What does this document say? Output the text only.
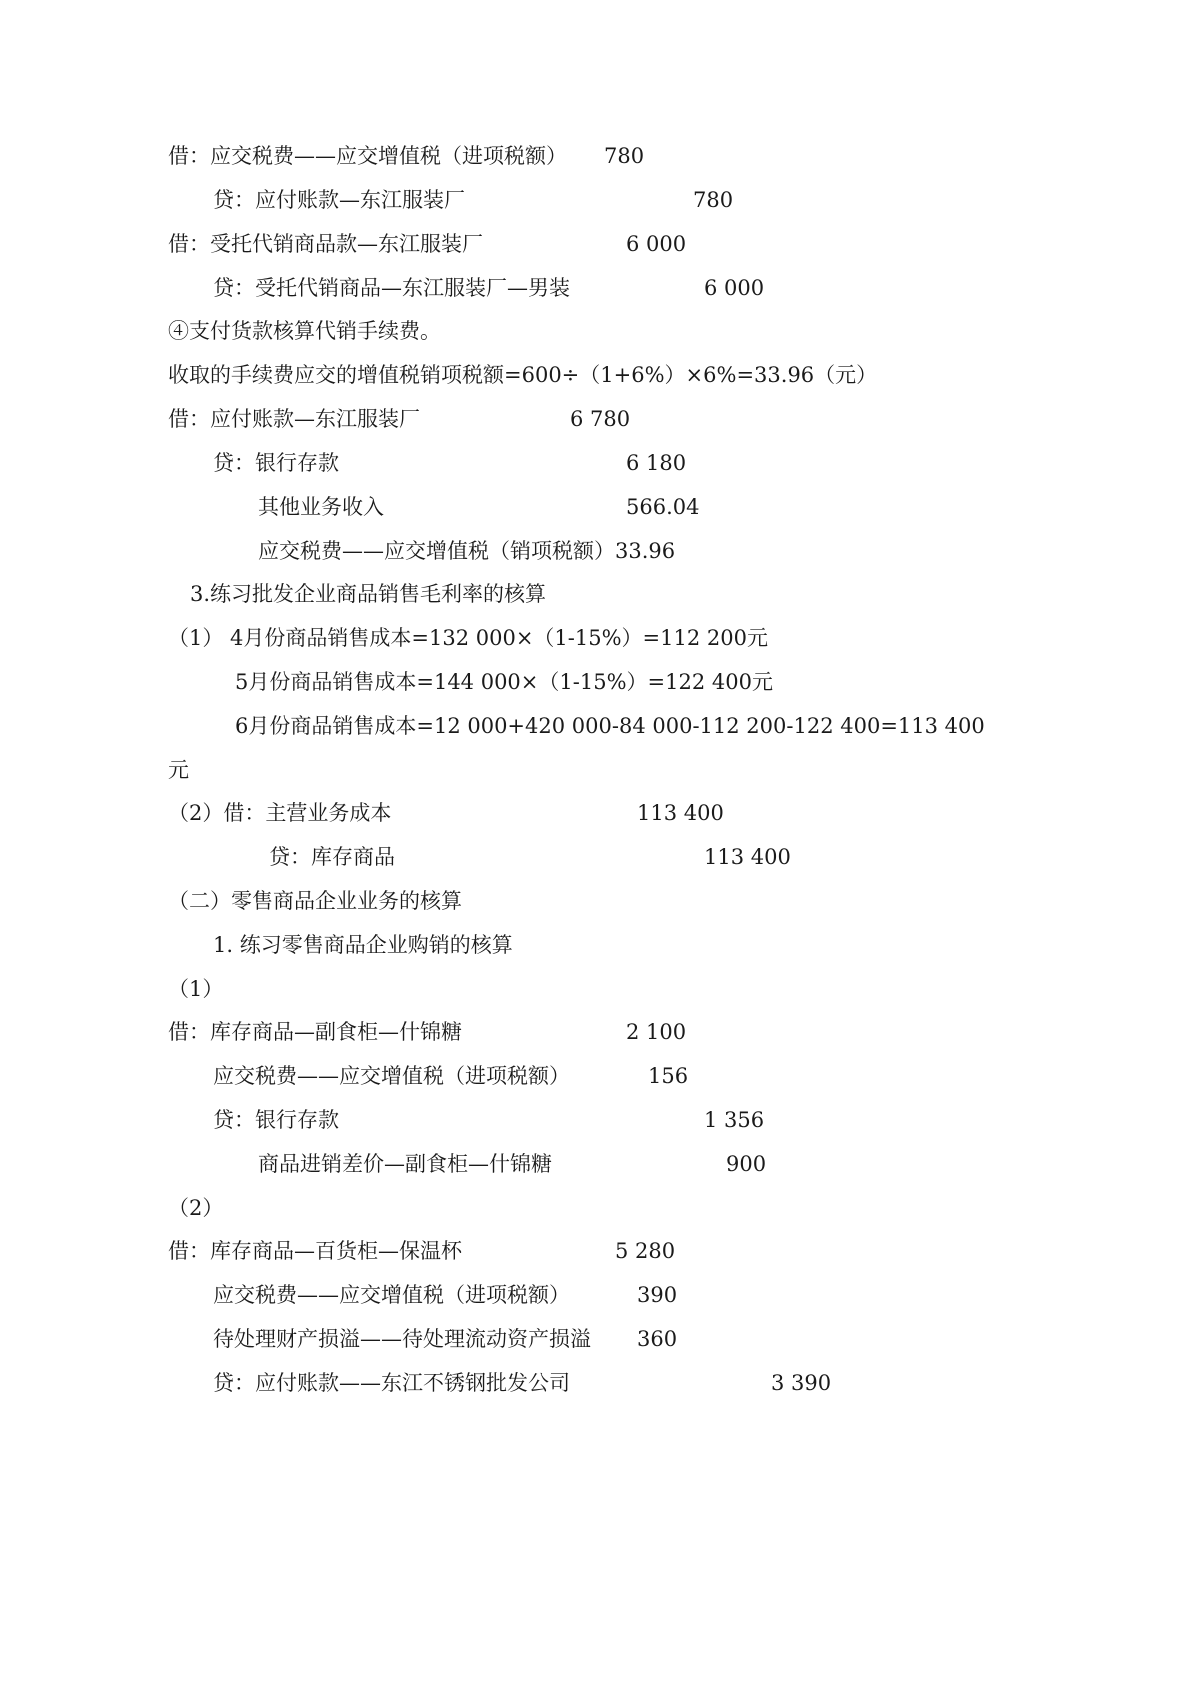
借：应交税费——应交增值税（进项税额） 780
贷：应付账款—东江服装厂	780
借：受托代销商品款—东江服装厂	6 000
贷：受托代销商品—东江服装厂—男装	6 000
④支付货款核算代销手续费。
收取的手续费应交的增值税销项税额=600÷（1+6%）×6%=33.96（元）
借：应付账款—东江服装厂	6 780
贷：银行存款	6 180
其他业务收入	566.04
应交税费——应交增值税（销项税额）33.96
3.练习批发企业商品销售毛利率的核算
（1） 4月份商品销售成本=132 000×（1-15%）=112 200元
5月份商品销售成本=144 000×（1-15%）=122 400元
6月份商品销售成本=12 000+420 000-84 000-112 200-122 400=113 400
元
（2）借：主营业务成本	113 400
贷：库存商品	113 400
（二）零售商品企业业务的核算
1. 练习零售商品企业购销的核算
（1）
借：库存商品—副食柜—什锦糖	2 100
应交税费——应交增值税（进项税额）	156
贷：银行存款	1 356
商品进销差价—副食柜—什锦糖	900
（2）
借：库存商品—百货柜—保温杯	5 280
应交税费——应交增值税（进项税额）	390
待处理财产损溢——待处理流动资产损溢 360
贷：应付账款——东江不锈钢批发公司	3 390
